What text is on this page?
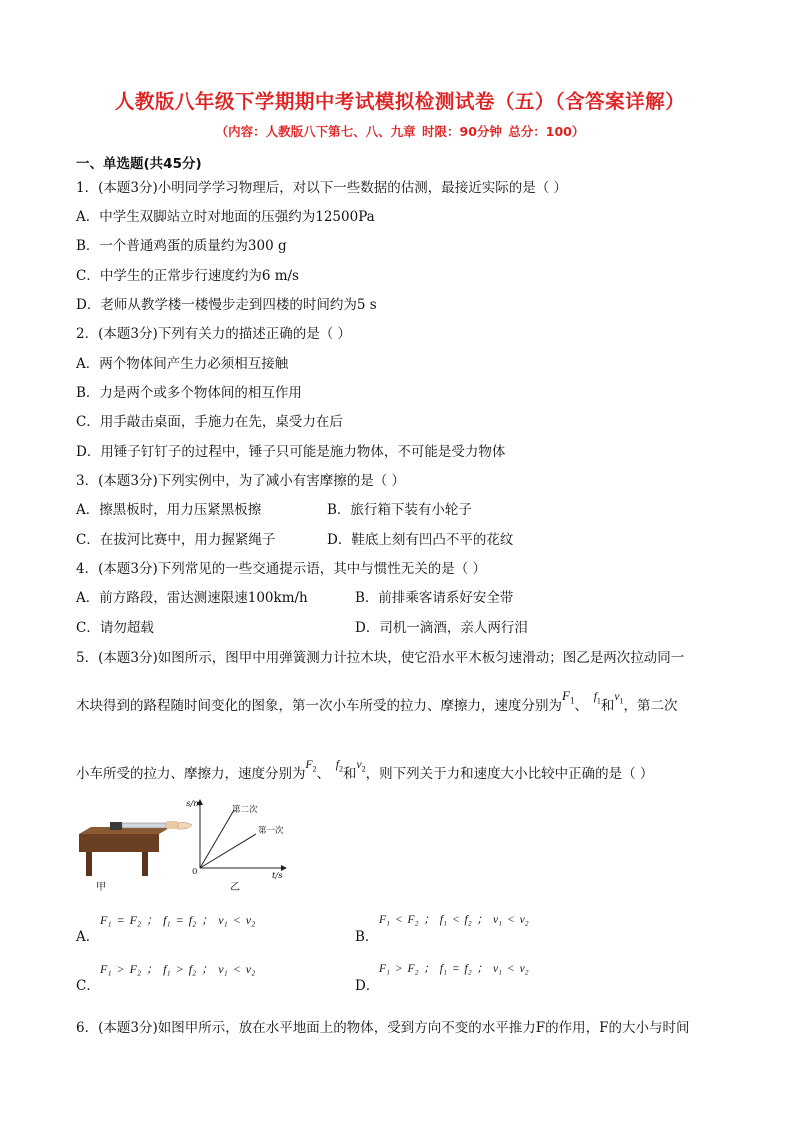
人教版八年级下学期期中考试模拟检测试卷（五）（含答案详解）
（内容：人教版八下第七、八、九章 时限：90分钟 总分：100）
一、单选题(共45分)
1．(本题3分)小明同学学习物理后，对以下一些数据的估测，最接近实际的是（ ）
A．中学生双脚站立时对地面的压强约为12500Pa
B．一个普通鸡蛋的质量约为300 g
C．中学生的正常步行速度约为6 m/s
D．老师从教学楼一楼慢步走到四楼的时间约为5 s
2．(本题3分)下列有关力的描述正确的是（ ）
A．两个物体间产生力必须相互接触
B．力是两个或多个物体间的相互作用
C．用手敲击桌面，手施力在先，桌受力在后
D．用锤子钉钉子的过程中，锤子只可能是施力物体，不可能是受力物体
3．(本题3分)下列实例中，为了减小有害摩擦的是（ ）
A．擦黑板时，用力压紧黑板擦	B．旅行箱下装有小轮子
C．在拔河比赛中，用力握紧绳子	D．鞋底上刻有凹凸不平的花纹
4．(本题3分)下列常见的一些交通提示语，其中与惯性无关的是（ ）
A．前方路段，雷达测速限速100km/h	B．前排乘客请系好安全带
C．请勿超载	D．司机一滴酒，亲人两行泪
5．(本题3分)如图所示，图甲中用弹簧测力计拉木块，使它沿水平木板匀速滑动；图乙是两次拉动同一
木块得到的路程随时间变化的图象，第一次小车所受的拉力、摩擦力，速度分别为$F_1$、  $f_1$和$v_1$，第二次
小车所受的拉力、摩擦力，速度分别为$F_2$、  $f_2$和$v_2$，则下列关于力和速度大小比较中正确的是（ ）
甲
s/m
第二次
第一次
0	t/s
乙
A．
F₁ = F₂ ； f₁ = f₂ ； v₁ < v₂
B．
F₁ < F₂ ； f₁ < f₂ ； v₁ < v₂
C．
F₁ > F₂ ； f₁ > f₂ ； v₁ < v₂
D．
F₁ > F₂ ； f₁ = f₂ ； v₁ < v₂
6．(本题3分)如图甲所示，放在水平地面上的物体，受到方向不变的水平推力F的作用，F的大小与时间
